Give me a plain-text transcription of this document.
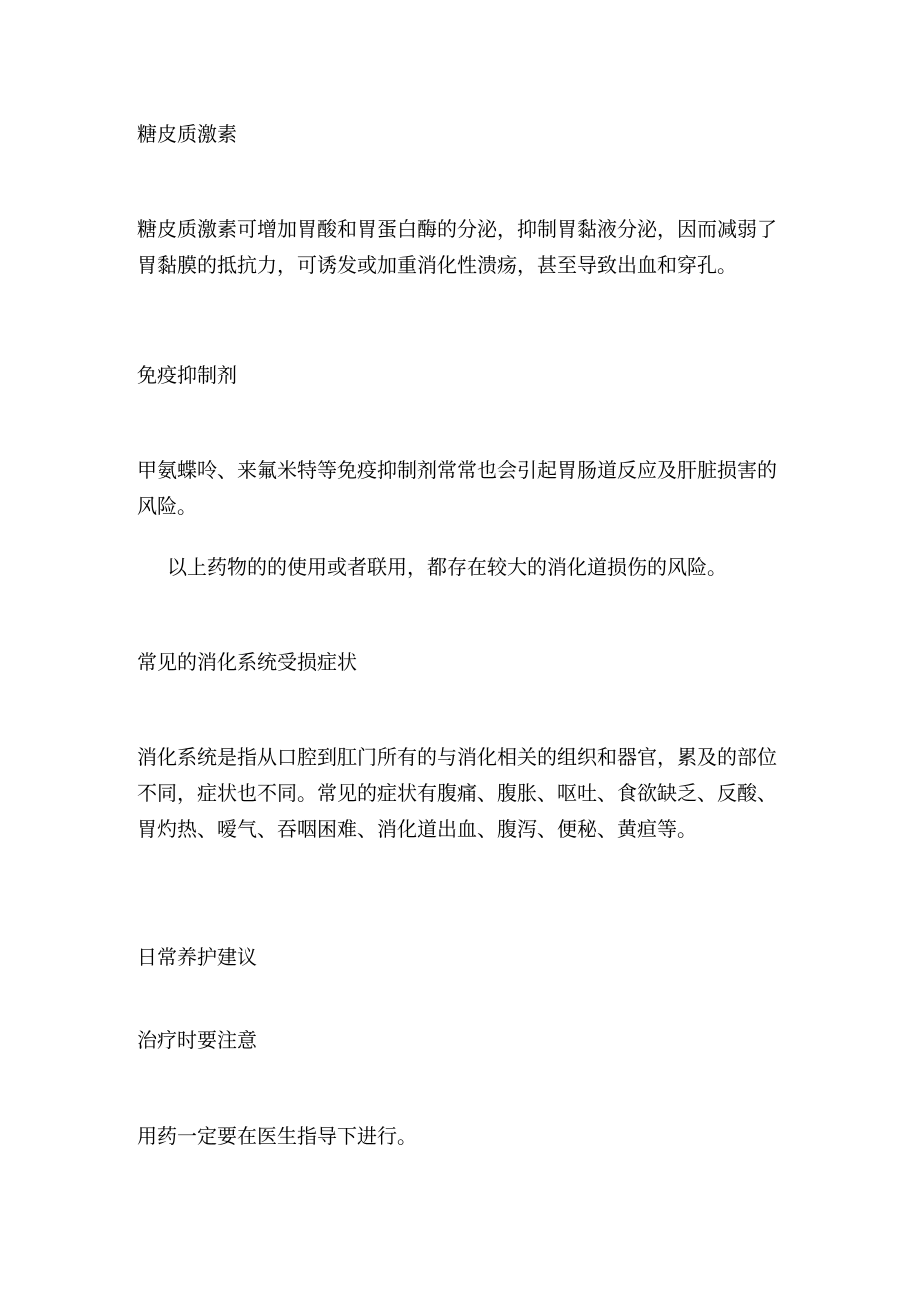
糖皮质激素
糖皮质激素可增加胃酸和胃蛋白酶的分泌，抑制胃黏液分泌，因而减弱了
胃黏膜的抵抗力，可诱发或加重消化性溃疡，甚至导致出血和穿孔。
免疫抑制剂
甲氨蝶呤、来氟米特等免疫抑制剂常常也会引起胃肠道反应及肝脏损害的
风险。
以上药物的的使用或者联用，都存在较大的消化道损伤的风险。
常见的消化系统受损症状
消化系统是指从口腔到肛门所有的与消化相关的组织和器官，累及的部位
不同，症状也不同。常见的症状有腹痛、腹胀、呕吐、食欲缺乏、反酸、
胃灼热、嗳气、吞咽困难、消化道出血、腹泻、便秘、黄疸等。
日常养护建议
治疗时要注意
用药一定要在医生指导下进行。
